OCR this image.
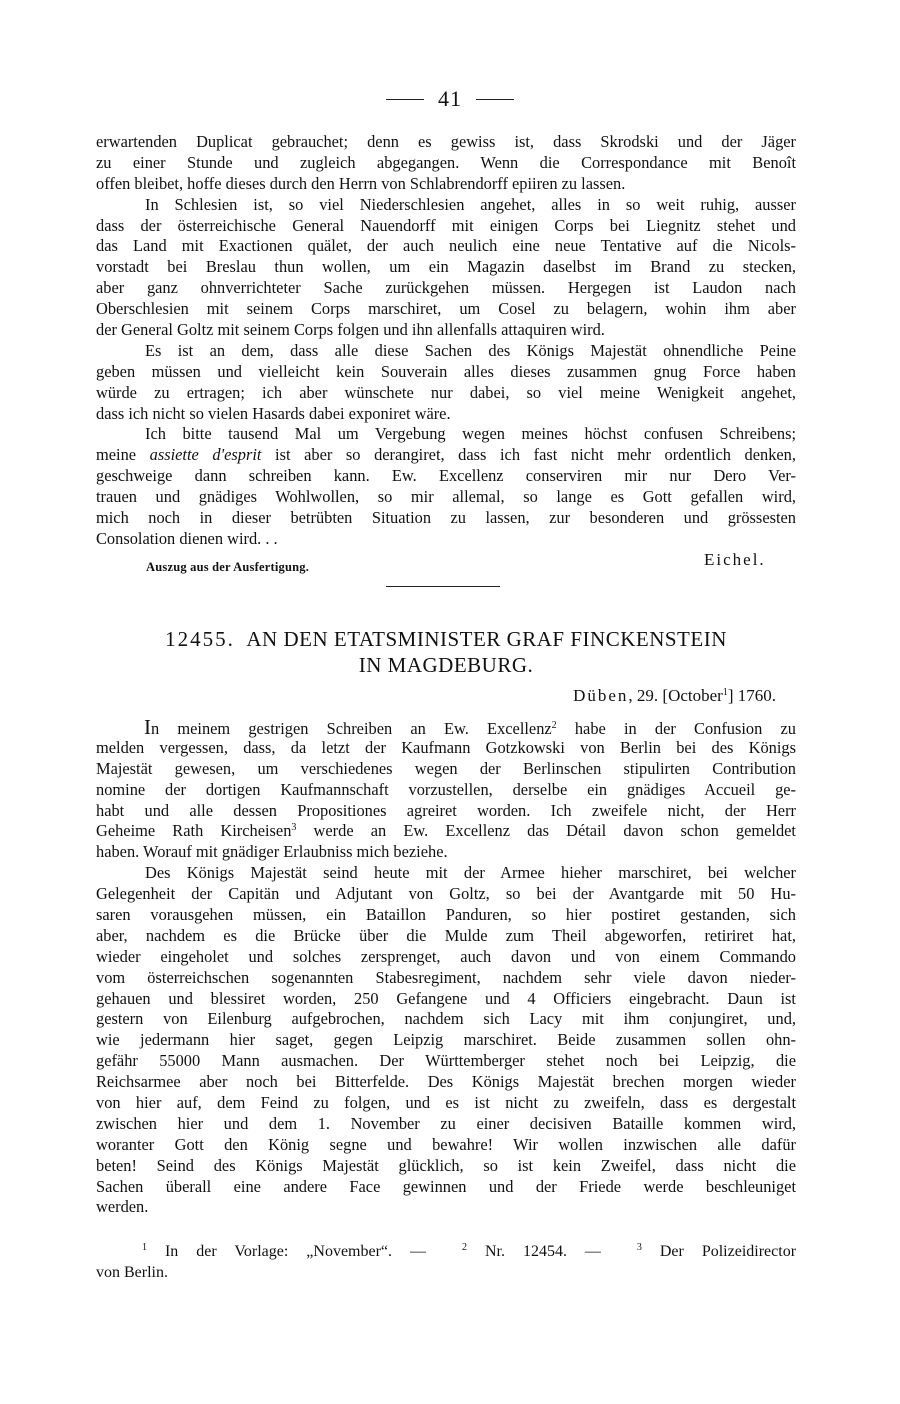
41
erwartenden Duplicat gebrauchet; denn es gewiss ist, dass Skrodski und der Jäger
zu einer Stunde und zugleich abgegangen. Wenn die Correspondance mit Benoît
offen bleibet, hoffe dieses durch den Herrn von Schlabrendorff epiiren zu lassen.
In Schlesien ist, so viel Niederschlesien angehet, alles in so weit ruhig, ausser
dass der österreichische General Nauendorff mit einigen Corps bei Liegnitz stehet und
das Land mit Exactionen quälet, der auch neulich eine neue Tentative auf die Nicols-
vorstadt bei Breslau thun wollen, um ein Magazin daselbst im Brand zu stecken,
aber ganz ohnverrichteter Sache zurückgehen müssen. Hergegen ist Laudon nach
Oberschlesien mit seinem Corps marschiret, um Cosel zu belagern, wohin ihm aber
der General Goltz mit seinem Corps folgen und ihn allenfalls attaquiren wird.
Es ist an dem, dass alle diese Sachen des Königs Majestät ohnendliche Peine
geben müssen und vielleicht kein Souverain alles dieses zusammen gnug Force haben
würde zu ertragen; ich aber wünschete nur dabei, so viel meine Wenigkeit angehet,
dass ich nicht so vielen Hasards dabei exponiret wäre.
Ich bitte tausend Mal um Vergebung wegen meines höchst confusen Schreibens;
meine assiette d'esprit ist aber so derangiret, dass ich fast nicht mehr ordentlich denken,
geschweige dann schreiben kann. Ew. Excellenz conserviren mir nur Dero Ver-
trauen und gnädiges Wohlwollen, so mir allemal, so lange es Gott gefallen wird,
mich noch in dieser betrübten Situation zu lassen, zur besonderen und grössesten
Consolation dienen wird. . .
Auszug aus der Ausfertigung.	Eichel.
12455. AN DEN ETATSMINISTER GRAF FINCKENSTEIN
IN MAGDEBURG.
Düben, 29. [October$^1$] 1760.
In meinem gestrigen Schreiben an Ew. Excellenz$^2$ habe in der Confusion zu
melden vergessen, dass, da letzt der Kaufmann Gotzkowski von Berlin bei des Königs
Majestät gewesen, um verschiedenes wegen der Berlinschen stipulirten Contribution
nomine der dortigen Kaufmannschaft vorzustellen, derselbe ein gnädiges Accueil ge-
habt und alle dessen Propositiones agreiret worden. Ich zweifele nicht, der Herr
Geheime Rath Kircheisen$^3$ werde an Ew. Excellenz das Détail davon schon gemeldet
haben. Worauf mit gnädiger Erlaubniss mich beziehe.
Des Königs Majestät seind heute mit der Armee hieher marschiret, bei welcher
Gelegenheit der Capitän und Adjutant von Goltz, so bei der Avantgarde mit 50 Hu-
saren vorausgehen müssen, ein Bataillon Panduren, so hier postiret gestanden, sich
aber, nachdem es die Brücke über die Mulde zum Theil abgeworfen, retiriret hat,
wieder eingeholet und solches zersprenget, auch davon und von einem Commando
vom österreichschen sogenannten Stabesregiment, nachdem sehr viele davon nieder-
gehauen und blessiret worden, 250 Gefangene und 4 Officiers eingebracht. Daun ist
gestern von Eilenburg aufgebrochen, nachdem sich Lacy mit ihm conjungiret, und,
wie jedermann hier saget, gegen Leipzig marschiret. Beide zusammen sollen ohn-
gefähr 55000 Mann ausmachen. Der Württemberger stehet noch bei Leipzig, die
Reichsarmee aber noch bei Bitterfelde. Des Königs Majestät brechen morgen wieder
von hier auf, dem Feind zu folgen, und es ist nicht zu zweifeln, dass es dergestalt
zwischen hier und dem 1. November zu einer decisiven Bataille kommen wird,
woranter Gott den König segne und bewahre! Wir wollen inzwischen alle dafür
beten! Seind des Königs Majestät glücklich, so ist kein Zweifel, dass nicht die
Sachen überall eine andere Face gewinnen und der Friede werde beschleuniget
werden.
$^1$ In der Vorlage: „November“. —	$^2$ Nr. 12454. —	$^3$ Der Polizeidirector
von Berlin.
